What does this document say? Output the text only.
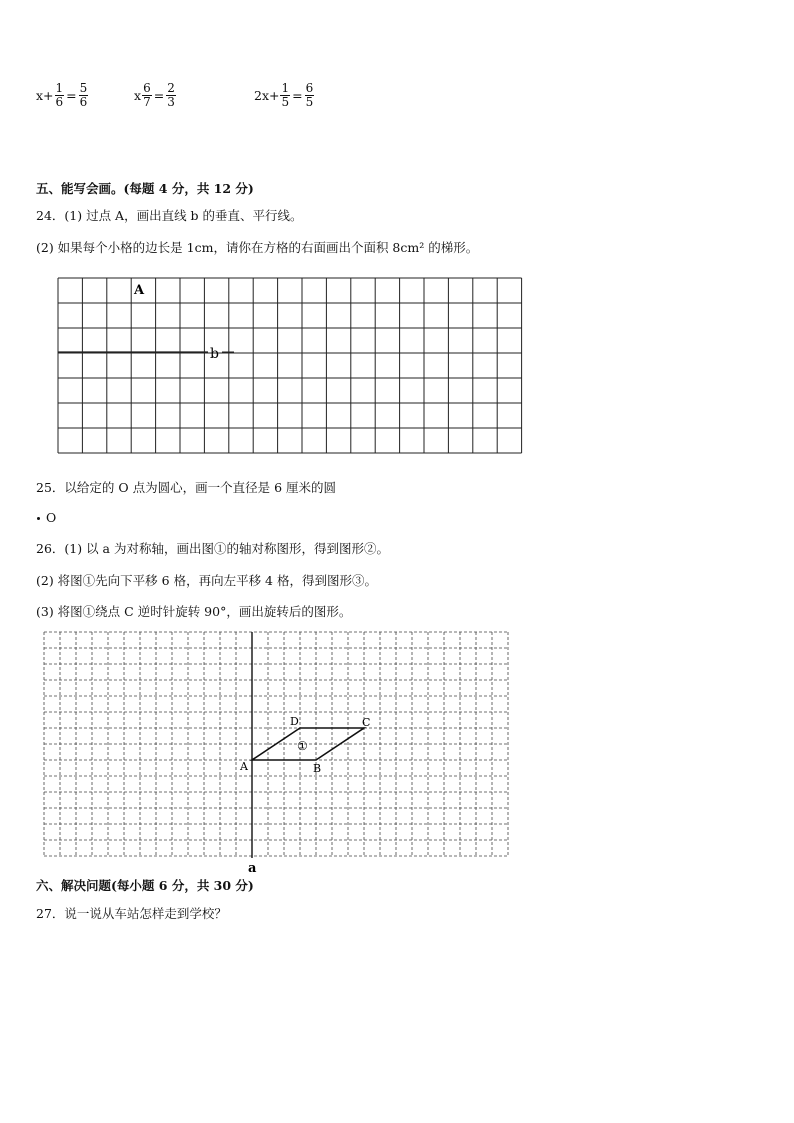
$x+ \frac{1}{6} = \frac{5}{6}$	x $\frac{6}{7} = \frac{2}{3}$	$2x+ \frac{1}{5} = \frac{6}{5}$
五、能写会画。(每题 4 分，共 12 分)
24．(1) 过点 A，画出直线 b 的垂直、平行线。
(2) 如果每个小格的边长是 1cm，请你在方格的右面画出个面积 8cm² 的梯形。
A
b
25．以给定的 O 点为圆心，画一个直径是 6 厘米的圆
O
26．(1) 以 a 为对称轴，画出图①的轴对称图形，得到图形②。
(2) 将图①先向下平移 6 格，再向左平移 4 格，得到图形③。
(3) 将图①绕点 C 逆时针旋转 90°，画出旋转后的图形。
A	B
C
D
①
a
六、解决问题(每小题 6 分，共 30 分)
27．说一说从车站怎样走到学校？
